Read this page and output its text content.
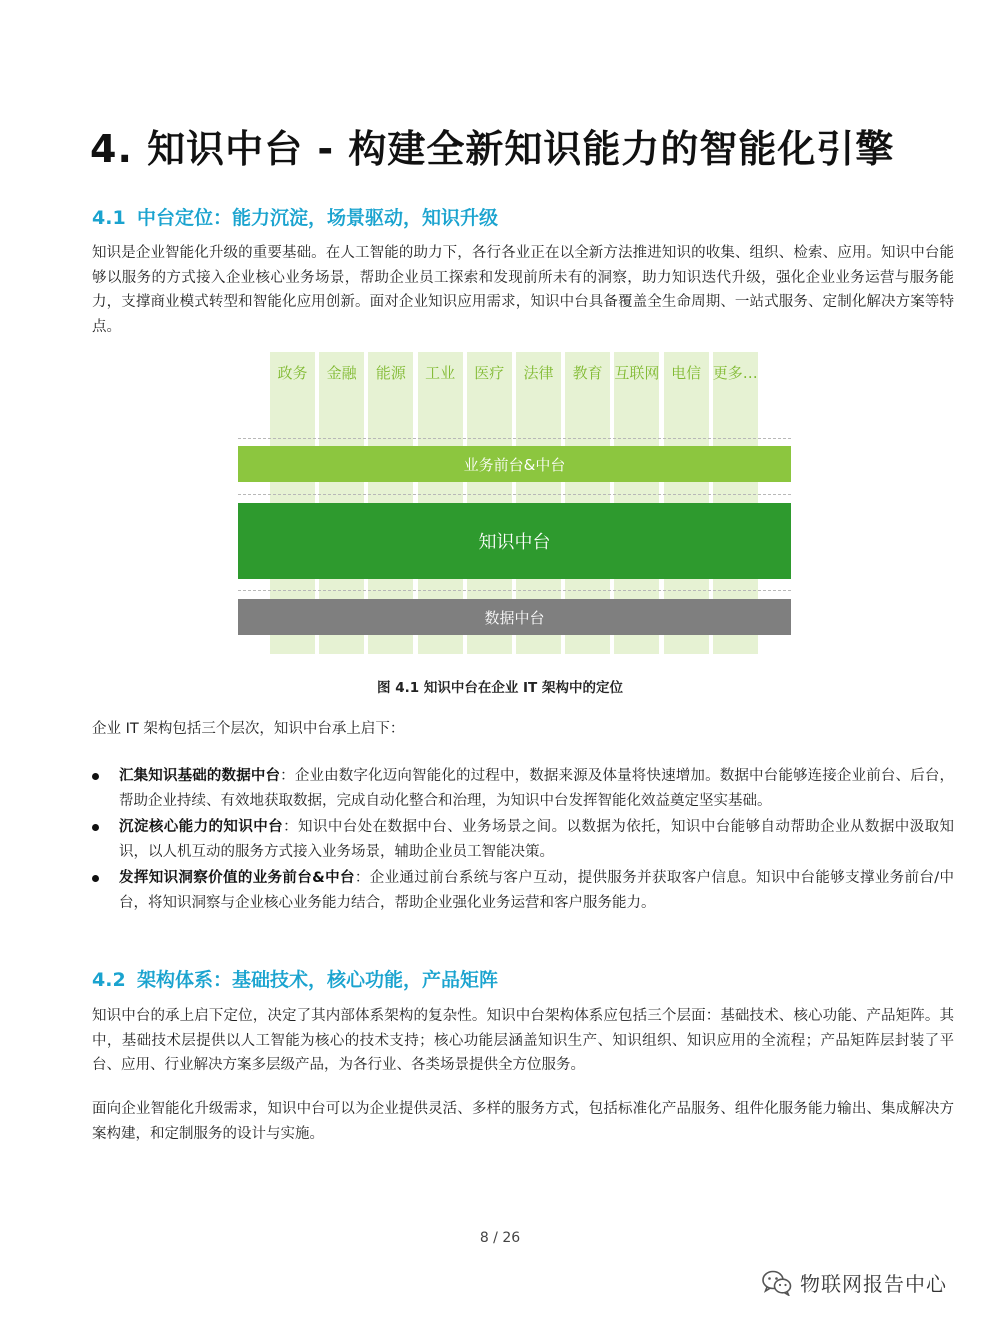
4. 知识中台 - 构建全新知识能力的智能化引擎
4.1 中台定位：能力沉淀，场景驱动，知识升级
知识是企业智能化升级的重要基础。在人工智能的助力下，各行各业正在以全新方法推进知识的收集、组织、检索、应用。知识中台能够以服务的方式接入企业核心业务场景，帮助企业员工探索和发现前所未有的洞察，助力知识迭代升级，强化企业业务运营与服务能力，支撑商业模式转型和智能化应用创新。面对企业知识应用需求，知识中台具备覆盖全生命周期、一站式服务、定制化解决方案等特点。
政务	金融	能源	工业	医疗	法律	教育 互联网 电信 更多…
业务前台&中台
知识中台
数据中台
图 4.1 知识中台在企业 IT 架构中的定位
企业 IT 架构包括三个层次，知识中台承上启下：
汇集知识基础的数据中台：企业由数字化迈向智能化的过程中，数据来源及体量将快速增加。数据中台能够连接企业前台、后台，帮助企业持续、有效地获取数据，完成自动化整合和治理，为知识中台发挥智能化效益奠定坚实基础。
沉淀核心能力的知识中台：知识中台处在数据中台、业务场景之间。以数据为依托，知识中台能够自动帮助企业从数据中汲取知识，以人机互动的服务方式接入业务场景，辅助企业员工智能决策。
发挥知识洞察价值的业务前台&中台：企业通过前台系统与客户互动，提供服务并获取客户信息。知识中台能够支撑业务前台/中台，将知识洞察与企业核心业务能力结合，帮助企业强化业务运营和客户服务能力。
4.2 架构体系：基础技术，核心功能，产品矩阵
知识中台的承上启下定位，决定了其内部体系架构的复杂性。知识中台架构体系应包括三个层面：基础技术、核心功能、产品矩阵。其中，基础技术层提供以人工智能为核心的技术支持；核心功能层涵盖知识生产、知识组织、知识应用的全流程；产品矩阵层封装了平台、应用、行业解决方案多层级产品，为各行业、各类场景提供全方位服务。
面向企业智能化升级需求，知识中台可以为企业提供灵活、多样的服务方式，包括标准化产品服务、组件化服务能力输出、集成解决方案构建，和定制服务的设计与实施。
8 / 26
物联网报告中心
